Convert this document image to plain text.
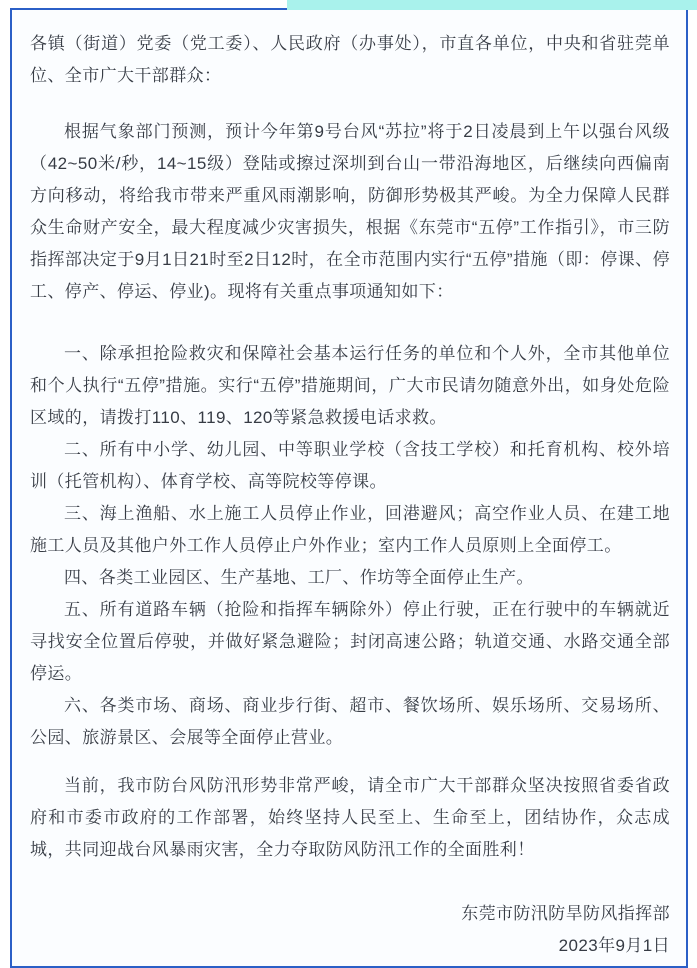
各镇（街道）党委（党工委）、人民政府（办事处），市直各单位，中央和省驻莞单位、全市广大干部群众：

根据气象部门预测，预计今年第9号台风“苏拉”将于2日凌晨到上午以强台风级（42~50米/秒，14~15级）登陆或擦过深圳到台山一带沿海地区，后继续向西偏南方向移动，将给我市带来严重风雨潮影响，防御形势极其严峻。为全力保障人民群众生命财产安全，最大程度减少灾害损失，根据《东莞市“五停”工作指引》，市三防指挥部决定于9月1日21时至2日12时，在全市范围内实行“五停”措施（即：停课、停工、停产、停运、停业)。现将有关重点事项通知如下：

一、除承担抢险救灾和保障社会基本运行任务的单位和个人外，全市其他单位和个人执行“五停”措施。实行“五停”措施期间，广大市民请勿随意外出，如身处危险区域的，请拨打110、119、120等紧急救援电话求救。

二、所有中小学、幼儿园、中等职业学校（含技工学校）和托育机构、校外培训（托管机构）、体育学校、高等院校等停课。

三、海上渔船、水上施工人员停止作业，回港避风；高空作业人员、在建工地施工人员及其他户外工作人员停止户外作业；室内工作人员原则上全面停工。

四、各类工业园区、生产基地、工厂、作坊等全面停止生产。

五、所有道路车辆（抢险和指挥车辆除外）停止行驶，正在行驶中的车辆就近寻找安全位置后停驶，并做好紧急避险；封闭高速公路；轨道交通、水路交通全部停运。

六、各类市场、商场、商业步行街、超市、餐饮场所、娱乐场所、交易场所、公园、旅游景区、会展等全面停止营业。

当前，我市防台风防汛形势非常严峻，请全市广大干部群众坚决按照省委省政府和市委市政府的工作部署，始终坚持人民至上、生命至上，团结协作，众志成城，共同迎战台风暴雨灾害，全力夺取防风防汛工作的全面胜利！

东莞市防汛防旱防风指挥部

2023年9月1日
